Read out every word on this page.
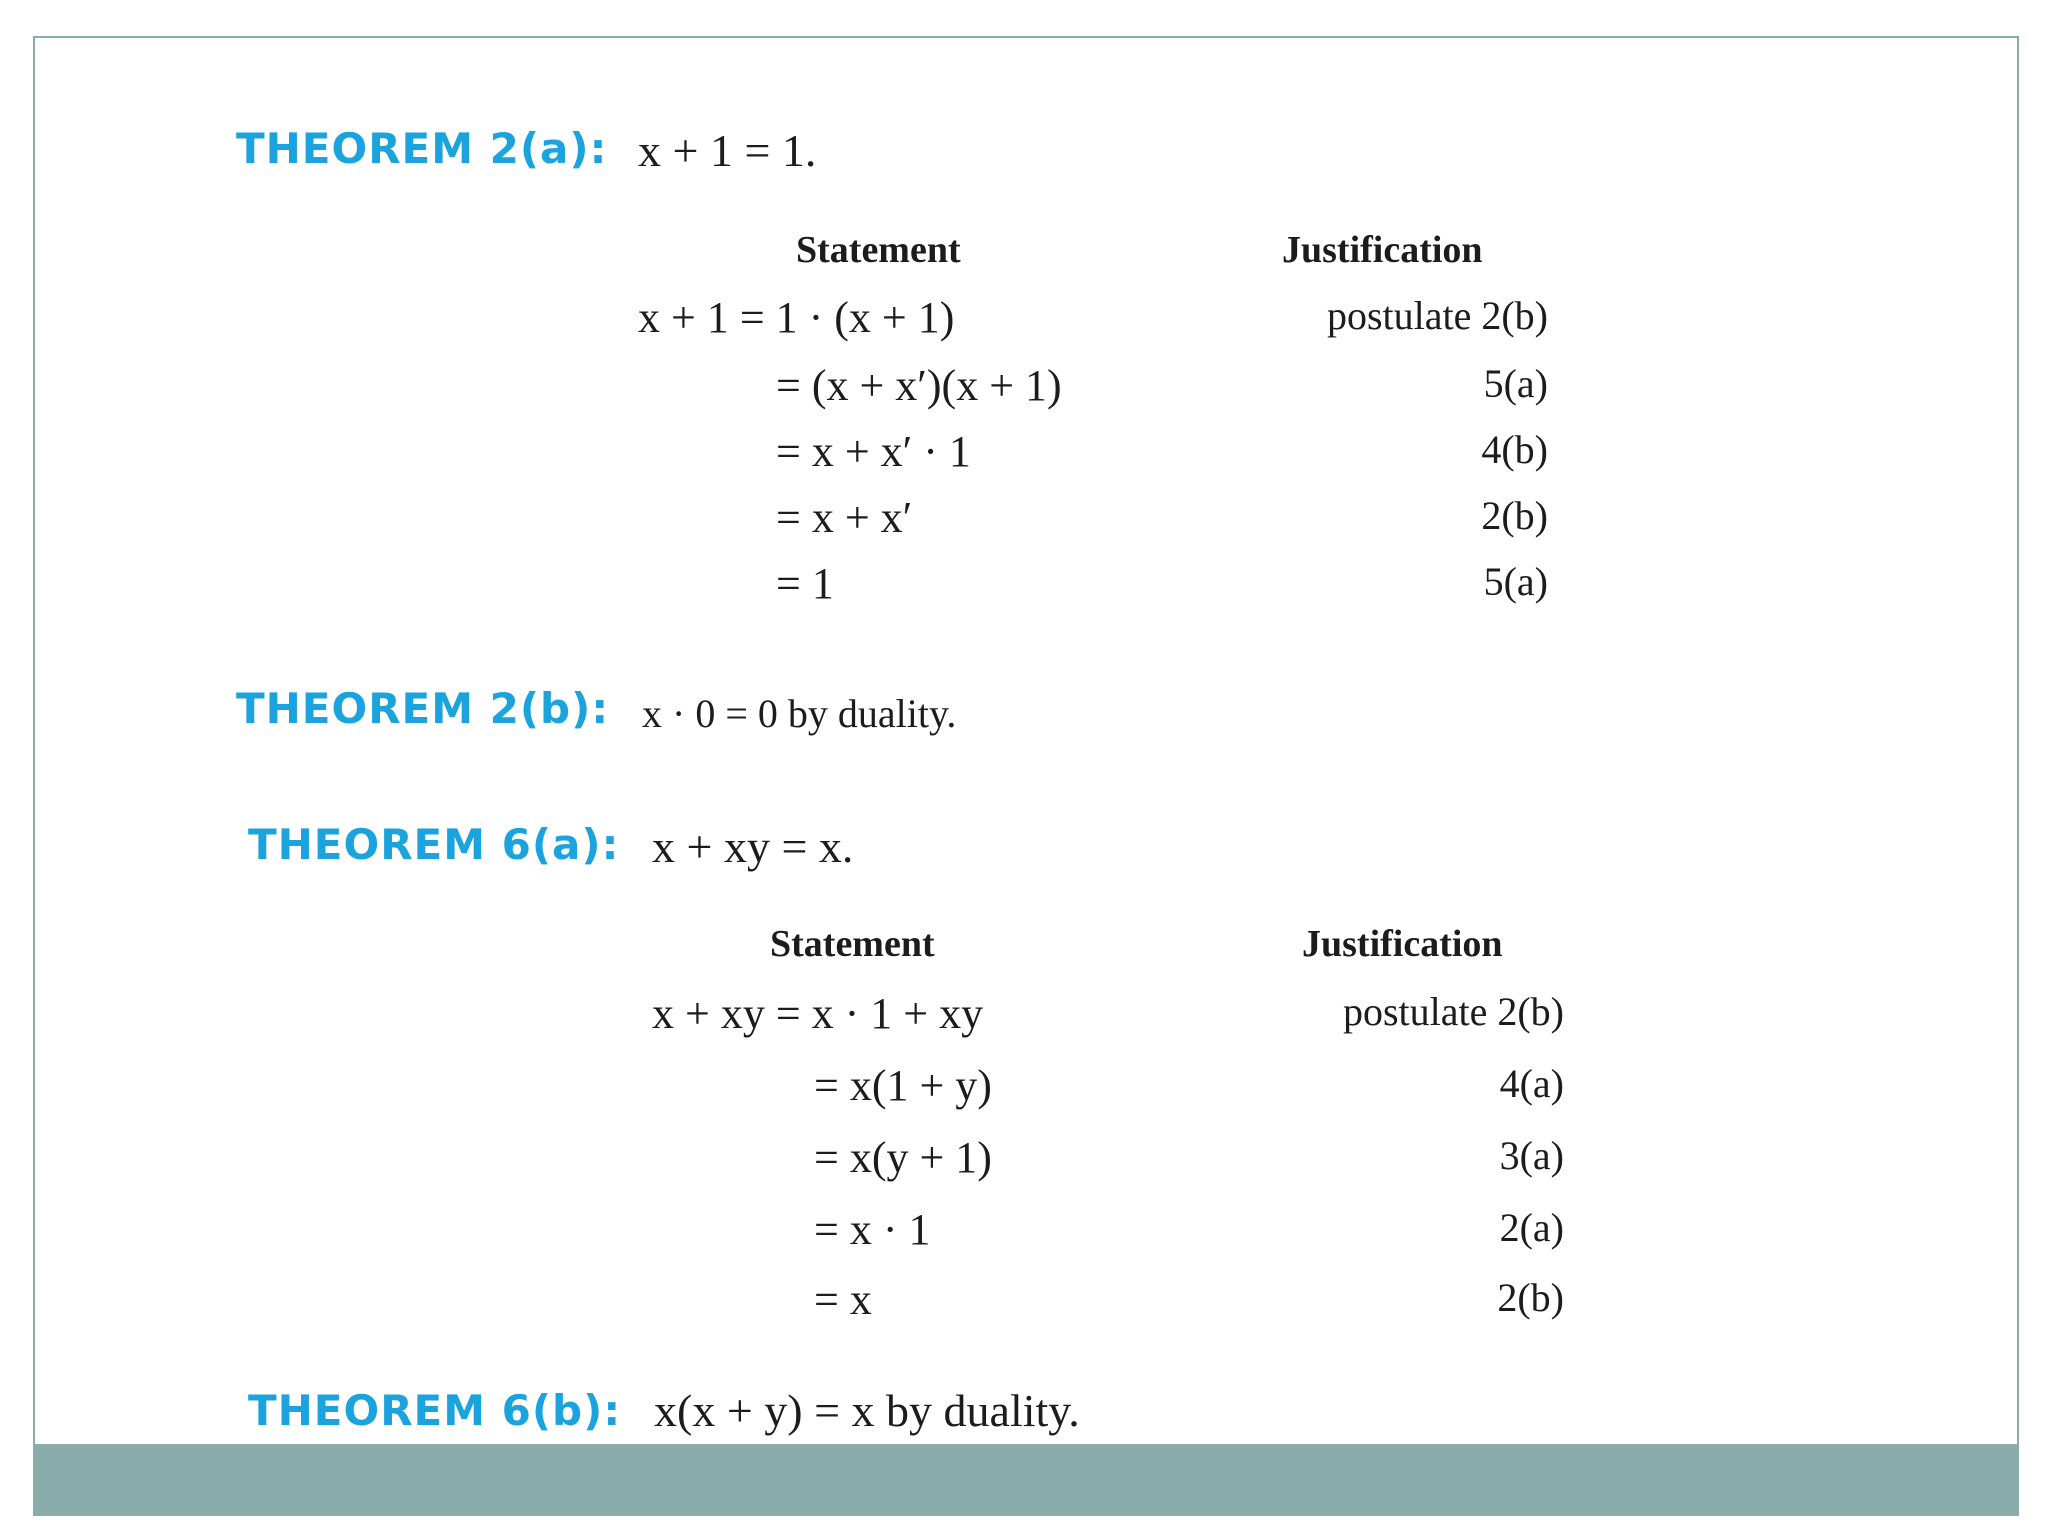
THEOREM 2(a): x + 1 = 1.
Statement	Justification
x + 1 = 1 · (x + 1)	postulate 2(b)
= (x + x′)(x + 1)	5(a)
= x + x′ · 1	4(b)
= x + x′	2(b)
= 1	5(a)
THEOREM 2(b): x · 0 = 0 by duality.
THEOREM 6(a): x + xy = x.
Statement	Justification
x + xy = x · 1 + xy	postulate 2(b)
= x(1 + y)	4(a)
= x(y + 1)	3(a)
= x · 1	2(a)
= x	2(b)
THEOREM 6(b): x(x + y) = x by duality.
